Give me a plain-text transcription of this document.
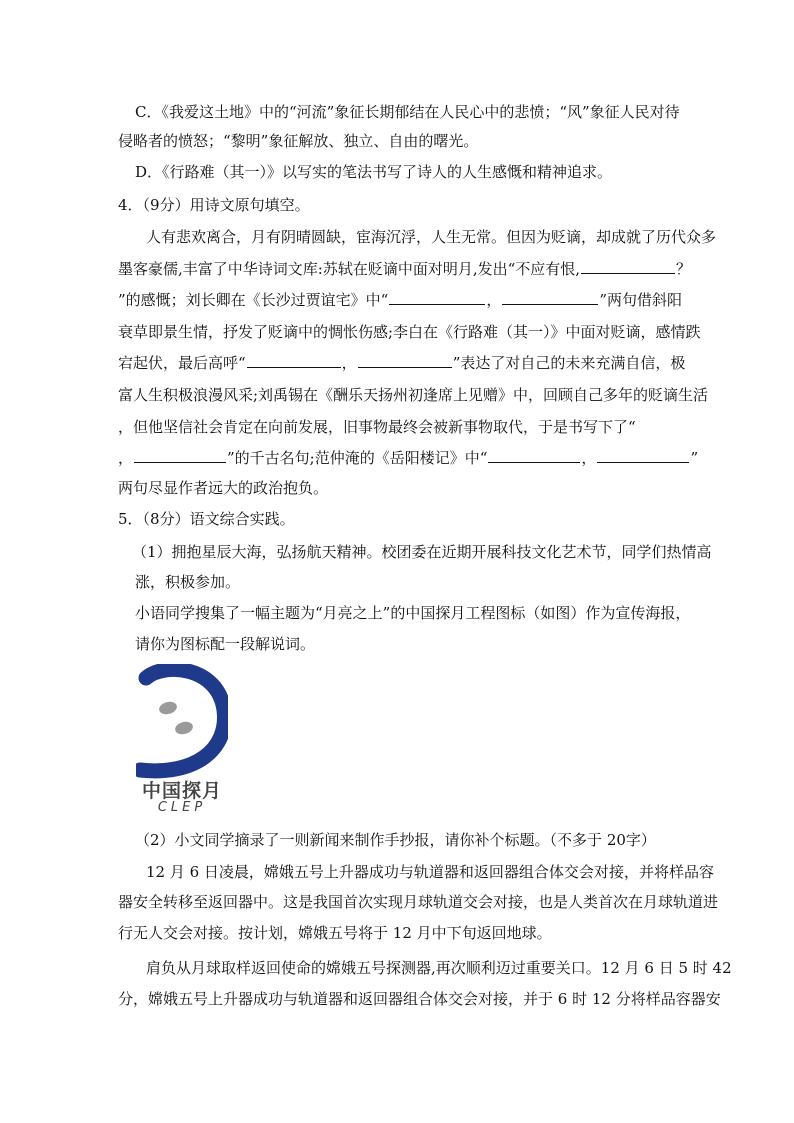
C．《我爱这土地》中的“河流”象征长期郁结在人民心中的悲愤；“风”象征人民对待
侵略者的愤怒；“黎明”象征解放、独立、自由的曙光。
D．《行路难（其一）》以写实的笔法书写了诗人的人生感慨和精神追求。
4．（9分）用诗文原句填空。
人有悲欢离合，月有阴晴圆缺，宦海沉浮，人生无常。但因为贬谪，却成就了历代众多
墨客豪儒,丰富了中华诗词文库:苏轼在贬谪中面对明月,发出“不应有恨,	？
”的感慨；刘长卿在《长沙过贾谊宅》中“	，	”两句借斜阳
衰草即景生情，抒发了贬谪中的惆怅伤感;李白在《行路难（其一）》中面对贬谪，感情跌
宕起伏，最后高呼“	，	”表达了对自己的未来充满自信，极
富人生积极浪漫风采;刘禹锡在《酬乐天扬州初逢席上见赠》中，回顾自己多年的贬谪生活
，但他坚信社会肯定在向前发展，旧事物最终会被新事物取代，于是书写下了“
，	”的千古名句;范仲淹的《岳阳楼记》中“	，	”
两句尽显作者远大的政治抱负。
5．（8分）语文综合实践。
（1）拥抱星辰大海，弘扬航天精神。校团委在近期开展科技文化艺术节，同学们热情高
涨，积极参加。
小语同学搜集了一幅主题为“月亮之上”的中国探月工程图标（如图）作为宣传海报，
请你为图标配一段解说词。
中国探月
CLEP
（2）小文同学摘录了一则新闻来制作手抄报，请你补个标题。（不多于 20字）
12 月 6 日凌晨，嫦娥五号上升器成功与轨道器和返回器组合体交会对接，并将样品容
器安全转移至返回器中。这是我国首次实现月球轨道交会对接，也是人类首次在月球轨道进
行无人交会对接。按计划，嫦娥五号将于 12 月中下旬返回地球。
肩负从月球取样返回使命的嫦娥五号探测器,再次顺利迈过重要关口。12 月 6 日 5 时 42
分，嫦娥五号上升器成功与轨道器和返回器组合体交会对接，并于 6 时 12 分将样品容器安
